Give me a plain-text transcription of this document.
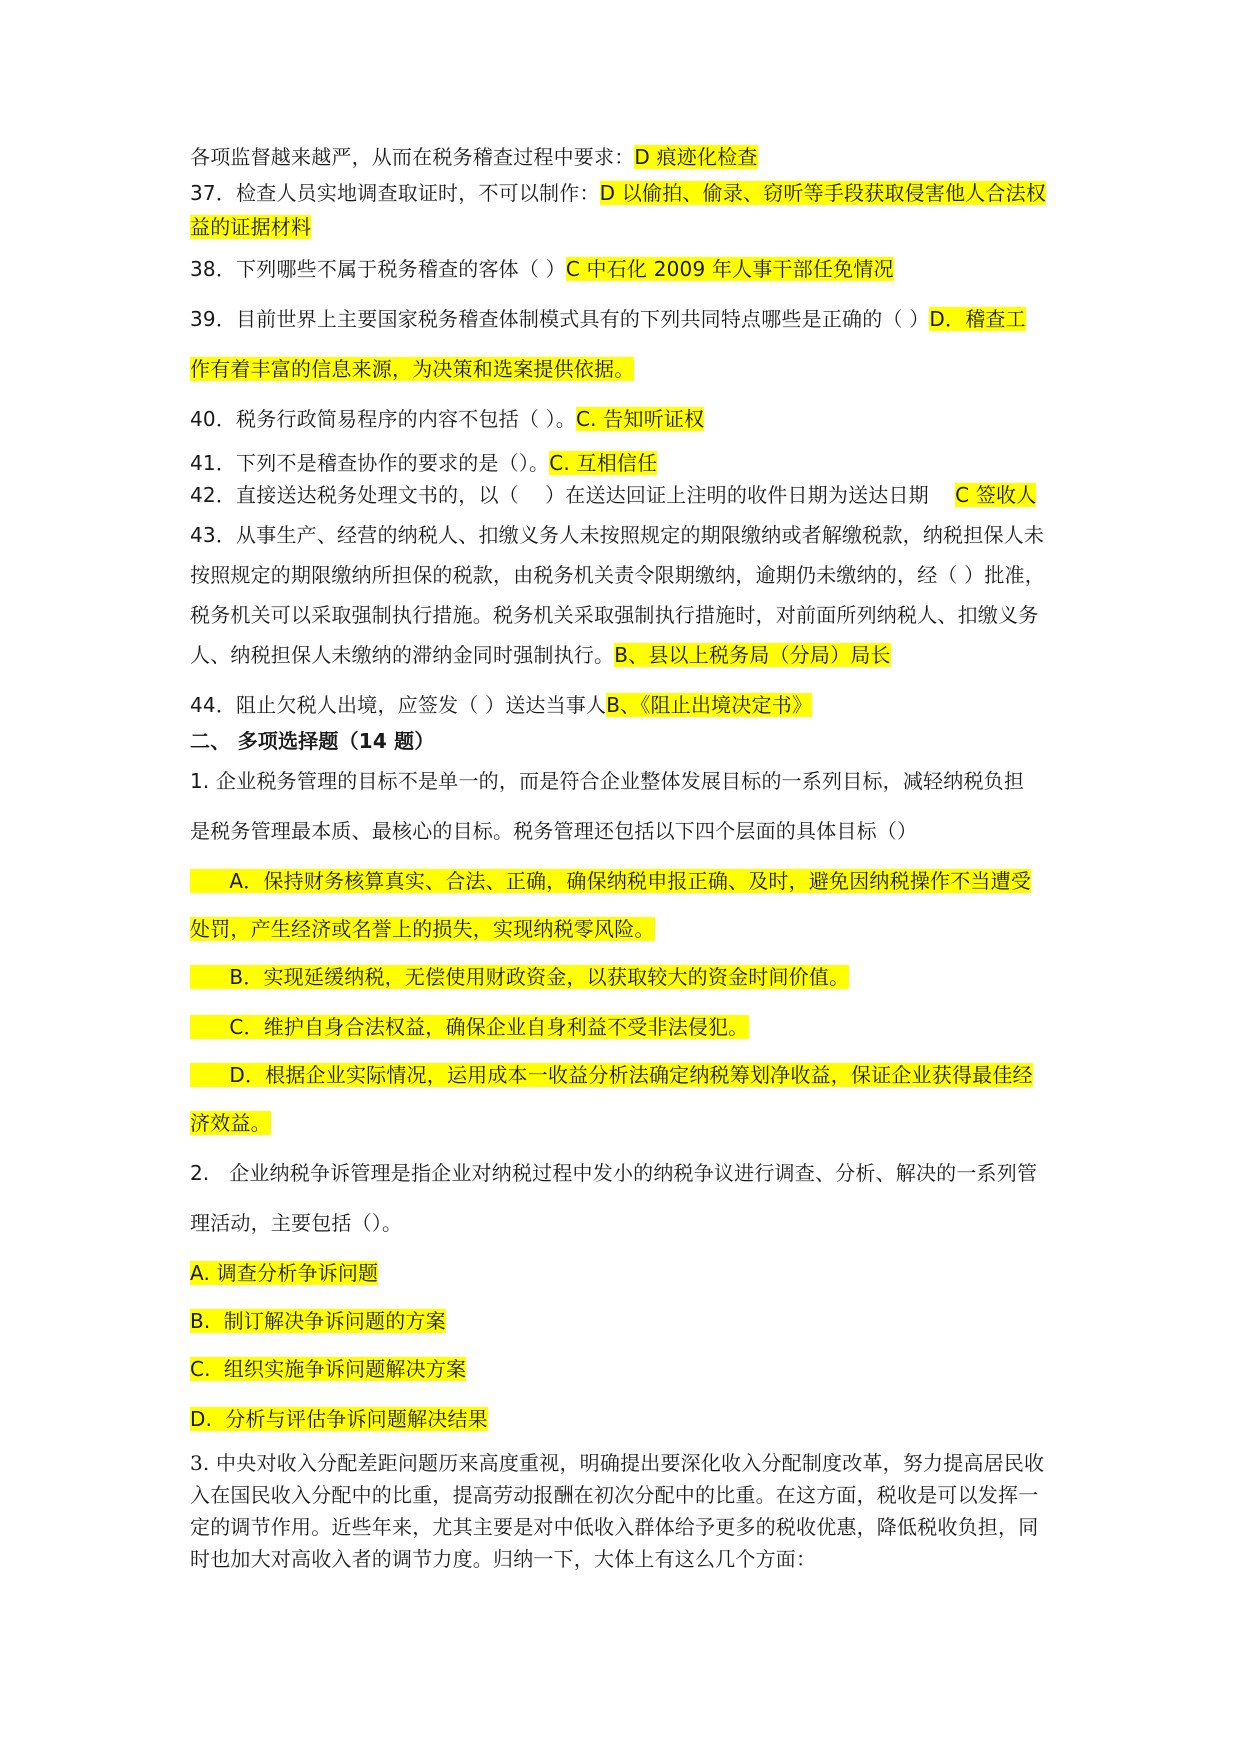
各项监督越来越严，从而在税务稽查过程中要求：D 痕迹化检查
37．检查人员实地调查取证时，不可以制作：D 以偷拍、偷录、窃听等手段获取侵害他人合法权
益的证据材料
38．下列哪些不属于税务稽查的客体（ ）C 中石化 2009 年人事干部任免情况
39．目前世界上主要国家税务稽查体制模式具有的下列共同特点哪些是正确的（ ）D．稽查工
作有着丰富的信息来源，为决策和选案提供依据。
40．税务行政简易程序的内容不包括（ ）。C. 告知听证权
41．下列不是稽查协作的要求的是（）。C. 互相信任
42．直接送达税务处理文书的，以（    ）在送达回证上注明的收件日期为送达日期    C 签收人
43．从事生产、经营的纳税人、扣缴义务人未按照规定的期限缴纳或者解缴税款，纳税担保人未
按照规定的期限缴纳所担保的税款，由税务机关责令限期缴纳，逾期仍未缴纳的，经（ ）批准，
税务机关可以采取强制执行措施。税务机关采取强制执行措施时，对前面所列纳税人、扣缴义务
人、纳税担保人未缴纳的滞纳金同时强制执行。B、县以上税务局（分局）局长
44．阻止欠税人出境，应签发（ ）送达当事人B、《阻止出境决定书》
二、 多项选择题（14 题）
1. 企业税务管理的目标不是单一的，而是符合企业整体发展目标的一系列目标，减轻纳税负担
是税务管理最本质、最核心的目标。税务管理还包括以下四个层面的具体目标（）
A．保持财务核算真实、合法、正确，确保纳税申报正确、及时，避免因纳税操作不当遭受
处罚，产生经济或名誉上的损失，实现纳税零风险。
B．实现延缓纳税，无偿使用财政资金，以获取较大的资金时间价值。
C．维护自身合法权益，确保企业自身利益不受非法侵犯。
D．根据企业实际情况，运用成本一收益分析法确定纳税筹划净收益，保证企业获得最佳经
济效益。
2.   企业纳税争诉管理是指企业对纳税过程中发小的纳税争议进行调查、分析、解决的一系列管
理活动，主要包括（）。
A. 调查分析争诉问题
B.  制订解决争诉问题的方案
C.  组织实施争诉问题解决方案
D.  分析与评估争诉问题解决结果
3. 中央对收入分配差距问题历来高度重视，明确提出要深化收入分配制度改革，努力提高居民收
入在国民收入分配中的比重，提高劳动报酬在初次分配中的比重。在这方面，税收是可以发挥一
定的调节作用。近些年来，尤其主要是对中低收入群体给予更多的税收优惠，降低税收负担，同
时也加大对高收入者的调节力度。归纳一下，大体上有这么几个方面：
